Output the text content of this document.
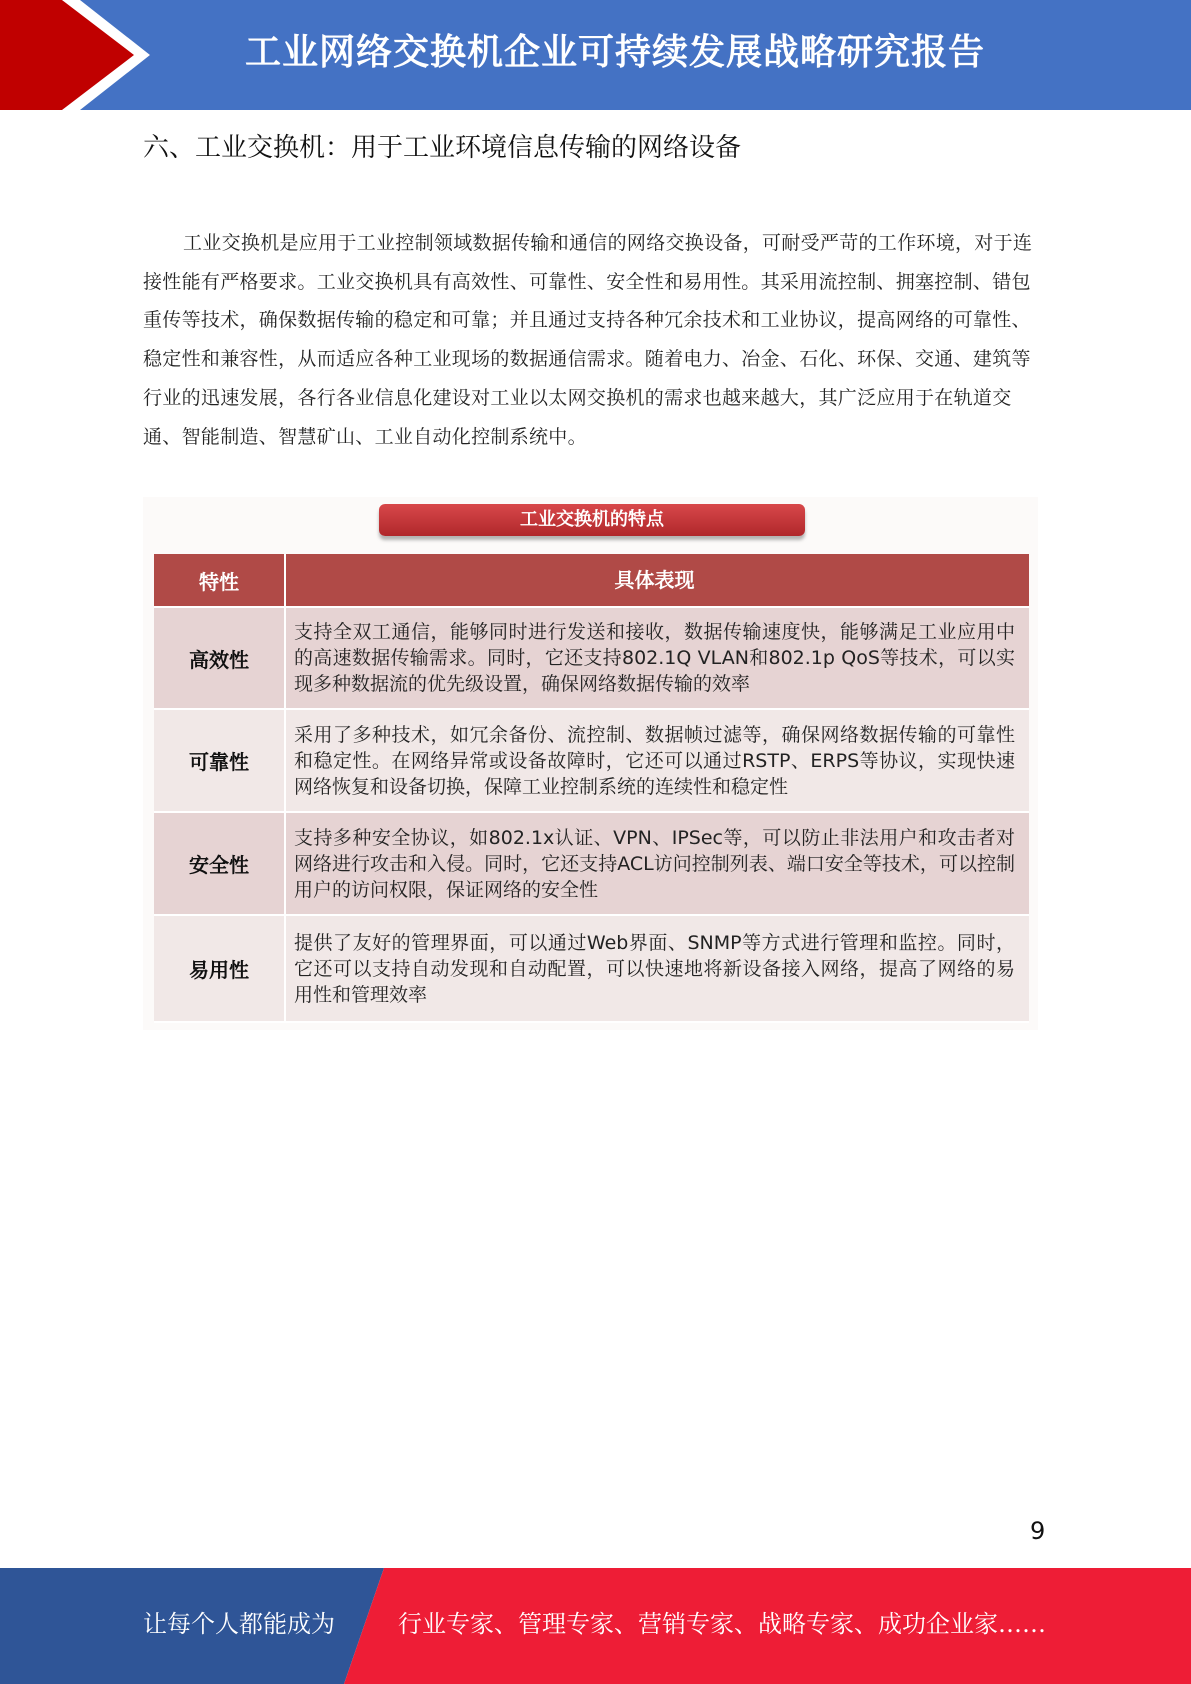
工业网络交换机企业可持续发展战略研究报告
六、工业交换机：用于工业环境信息传输的网络设备

工业交换机是应用于工业控制领域数据传输和通信的网络交换设备，可耐受严苛的工作环境，对于连接性能有严格要求。工业交换机具有高效性、可靠性、安全性和易用性。其采用流控制、拥塞控制、错包重传等技术，确保数据传输的稳定和可靠；并且通过支持各种冗余技术和工业协议，提高网络的可靠性、稳定性和兼容性，从而适应各种工业现场的数据通信需求。随着电力、冶金、石化、环保、交通、建筑等行业的迅速发展，各行各业信息化建设对工业以太网交换机的需求也越来越大，其广泛应用于在轨道交通、智能制造、智慧矿山、工业自动化控制系统中。

工业交换机的特点
特性	具体表现
高效性
支持全双工通信，能够同时进行发送和接收，数据传输速度快，能够满足工业应用中的高速数据传输需求。同时，它还支持802.1Q VLAN和802.1p QoS等技术，可以实现多种数据流的优先级设置，确保网络数据传输的效率
可靠性
采用了多种技术，如冗余备份、流控制、数据帧过滤等，确保网络数据传输的可靠性和稳定性。在网络异常或设备故障时，它还可以通过RSTP、ERPS等协议，实现快速网络恢复和设备切换，保障工业控制系统的连续性和稳定性
安全性
支持多种安全协议，如802.1x认证、VPN、IPSec等，可以防止非法用户和攻击者对网络进行攻击和入侵。同时，它还支持ACL访问控制列表、端口安全等技术，可以控制用户的访问权限，保证网络的安全性
易用性
提供了友好的管理界面，可以通过Web界面、SNMP等方式进行管理和监控。同时，它还可以支持自动发现和自动配置，可以快速地将新设备接入网络，提高了网络的易用性和管理效率
9
让每个人都能成为	行业专家、管理专家、营销专家、战略专家、成功企业家……
